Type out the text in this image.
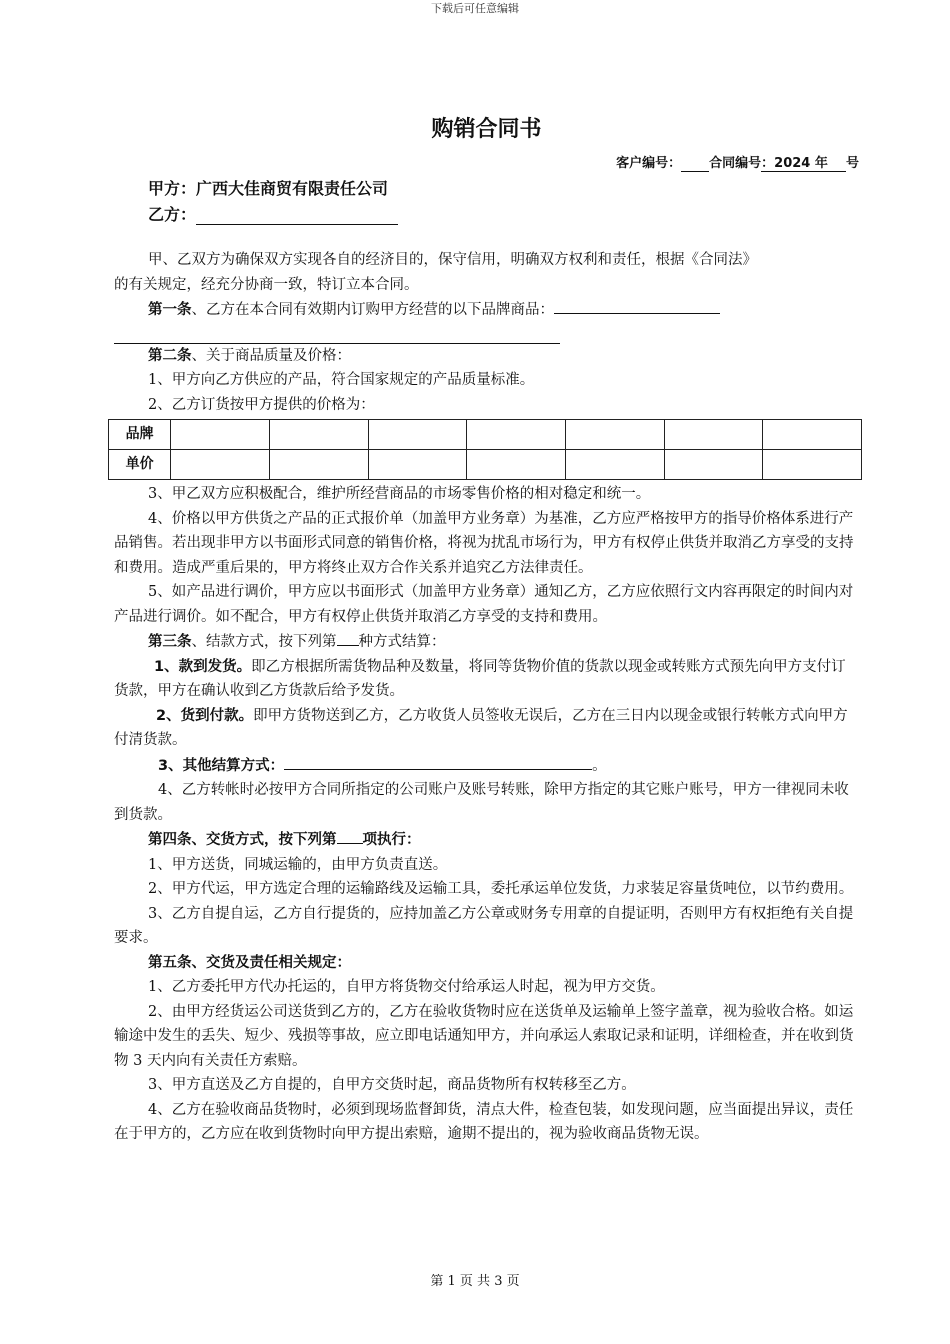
下载后可任意编辑
购销合同书
客户编号： 合同编号：2024 年 号
甲方：广西大佳商贸有限责任公司
乙方：

甲、乙双方为确保双方实现各自的经济目的，保守信用，明确双方权利和责任，根据《合同法》

的有关规定，经充分协商一致，特订立本合同。

第一条、乙方在本合同有效期内订购甲方经营的以下品牌商品：

第二条、关于商品质量及价格：

1、甲方向乙方供应的产品，符合国家规定的产品质量标准。

2、乙方订货按甲方提供的价格为：

品牌							
单价							

3、甲乙双方应积极配合，维护所经营商品的市场零售价格的相对稳定和统一。

4、价格以甲方供货之产品的正式报价单（加盖甲方业务章）为基准，乙方应严格按甲方的指导价格体系进行产品销售。若出现非甲方以书面形式同意的销售价格，将视为扰乱市场行为，甲方有权停止供货并取消乙方享受的支持和费用。造成严重后果的，甲方将终止双方合作关系并追究乙方法律责任。

5、如产品进行调价，甲方应以书面形式（加盖甲方业务章）通知乙方，乙方应依照行文内容再限定的时间内对产品进行调价。如不配合，甲方有权停止供货并取消乙方享受的支持和费用。

第三条、结款方式，按下列第 种方式结算：

1、款到发货。即乙方根据所需货物品种及数量，将同等货物价值的货款以现金或转账方式预先向甲方支付订货款，甲方在确认收到乙方货款后给予发货。

2、货到付款。即甲方货物送到乙方，乙方收货人员签收无误后，乙方在三日内以现金或银行转帐方式向甲方付清货款。

3、其他结算方式：	。

4、乙方转帐时必按甲方合同所指定的公司账户及账号转账，除甲方指定的其它账户账号，甲方一律视同未收到货款。

第四条、交货方式，按下列第 项执行：

1、甲方送货，同城运输的，由甲方负责直送。

2、甲方代运，甲方选定合理的运输路线及运输工具，委托承运单位发货，力求装足容量货吨位，以节约费用。

3、乙方自提自运，乙方自行提货的，应持加盖乙方公章或财务专用章的自提证明，否则甲方有权拒绝有关自提要求。

第五条、交货及责任相关规定：

1、乙方委托甲方代办托运的，自甲方将货物交付给承运人时起，视为甲方交货。

2、由甲方经货运公司送货到乙方的，乙方在验收货物时应在送货单及运输单上签字盖章，视为验收合格。如运输途中发生的丢失、短少、残损等事故，应立即电话通知甲方，并向承运人索取记录和证明，详细检查，并在收到货物 3 天内向有关责任方索赔。

3、甲方直送及乙方自提的，自甲方交货时起，商品货物所有权转移至乙方。

4、乙方在验收商品货物时，必须到现场监督卸货，清点大件，检查包装，如发现问题，应当面提出异议，责任在于甲方的，乙方应在收到货物时向甲方提出索赔，逾期不提出的，视为验收商品货物无误。

第 1 页 共 3 页
